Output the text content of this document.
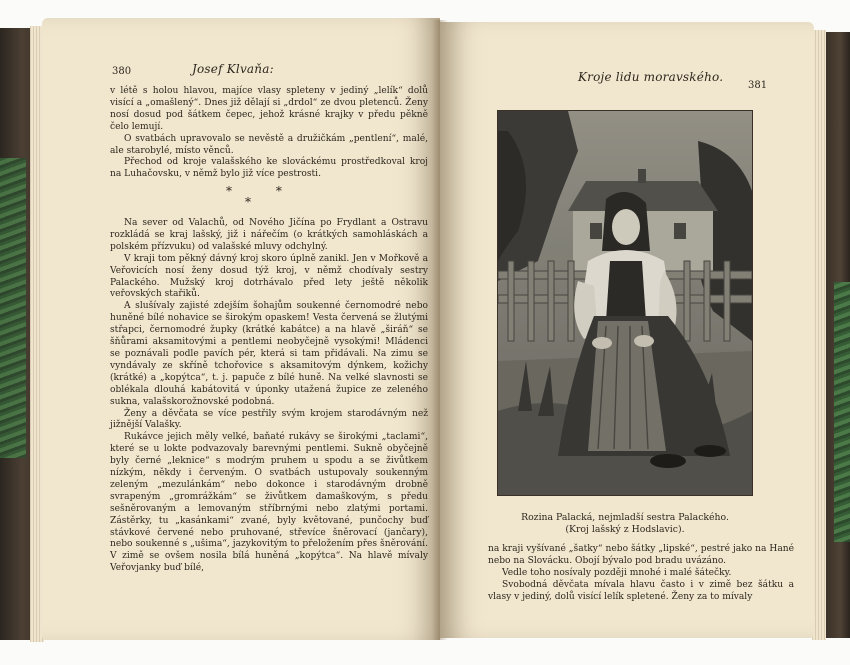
380	Josef Klvaňa:

v létě s holou hlavou, majíce vlasy spleteny v jediný „lelík“ dolů visící a „omašlený“. Dnes již dělají si „drdol“ ze dvou pletenců. Ženy nosí dosud pod šátkem čepec, jehož krásné krajky v předu pěkně čelo lemují.

O svatbách upravovalo se nevěstě a družičkám „pentlení“, malé, ale starobylé, místo věnců.

Přechod od kroje valašského ke slováckému prostředkoval kroj na Luhačovsku, v němž bylo již více pestrosti.

* *
*

Na sever od Valachů, od Nového Jičína po Frydlant a Ostravu rozkládá se kraj lašský, již i nářečím (o krátkých samohláskách a polském přízvuku) od valašské mluvy odchylný.

V kraji tom pěkný dávný kroj skoro úplně zanikl. Jen v Mořkově a Veřovicích nosí ženy dosud týž kroj, v němž chodívaly sestry Palackého. Mužský kroj dotrhávalo před lety ještě několik veřovských stařiků.

A slušívaly zajisté zdejším šohajům soukenné černomodré nebo huněné bílé nohavice se širokým opaskem! Vesta červená se žlutými střapci, černomodré župky (krátké kabátce) a na hlavě „širáň“ se šňůrami aksamitovými a pentlemi neobyčejně vysokými! Mládenci se poznávali podle pavích pér, která si tam přidávali. Na zimu se vyndávaly ze skříně tchořovice s aksamitovým dýnkem, kožichy (krátké) a „kopýtca“, t. j. papuče z bílé huně. Na velké slavnosti se oblékala dlouhá kabátovitá v úponky utažená župice ze zeleného sukna, valašskorožnovské podobná.

Ženy a děvčata se více pestřily svým krojem starodávným než jižnější Valašky.

Rukávce jejich měly velké, baňaté rukávy se širokými „taclami“, které se u lokte podvazovaly barevnými pentlemi. Sukně obyčejně byly černé „leknice“ s modrým pruhem u spodu a se živůtkem nízkým, někdy i červeným. O svatbách ustupovaly soukenným zeleným „mezulánkám“ nebo dokonce i starodávným drobně svrapeným „gromrážkám“ se živůtkem damaškovým, s předu sešněrovaným a lemovaným stříbrnými nebo zlatými portami. Zástěrky, tu „kasánkami“ zvané, byly květované, punčochy buď stávkové červené nebo pruhované, střevíce šněrovací (jančary), nebo soukenné s „ušima“, jazykovitým to přeložením přes šněrování. V zimě se ovšem nosila bílá huněná „kopýtca“. Na hlavě mívaly Veřovjanky buď bílé,

Kroje lidu moravského.
381
Rozina Palacká, nejmladší sestra Palackého.
(Kroj lašský z Hodslavic).

na kraji vyšívané „šatky“ nebo šátky „lipské“, pestré jako na Hané nebo na Slovácku. Obojí bývalo pod bradu uvázáno.

Vedle toho nosívaly později mnohé i malé šátečky.

Svobodná děvčata mívala hlavu často i v zimě bez šátku a vlasy v jediný, dolů visící lelík spletené. Ženy za to mívaly
